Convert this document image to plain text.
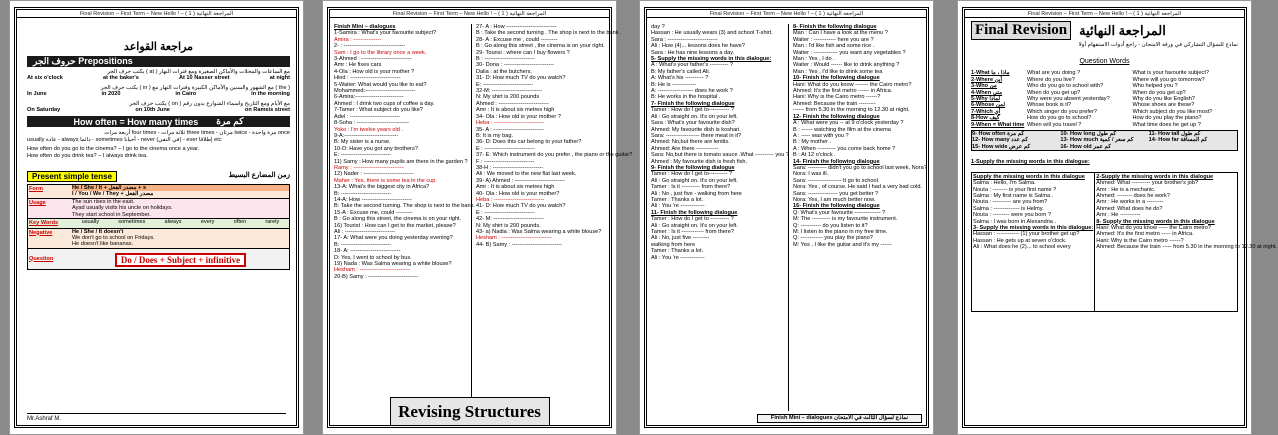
Final Revision – First Term – New Hello ! – ( 1 ) المراجعة النهائية
مراجعة القواعد
حروف الجر Prepositions
يكتب حرف الجر ( at ) مع الساعات والمحلات والأماكن الصغيرة ومع فترات النهار
At six o'clock	at the baker's	At 10 Nasser street	at night
يكتب حرف الجر ( in ) مع الشهور والسنين والأماكن الكبيرة وفترات النهار مع ( the )
In June	in 2020	in Cairo	in the morning
يكتب حرف الجر ( on ) مع الأيام ومع التاريخ واسماء الشوارع بدون رقم
On Saturday	on 10th June	on Ramsis street
How often = How many times كم مرة
أربعة مرات four times - ثلاثة مرات three times - مرتان twice - مرة واحدة once
usually عادة - always دائما - sometimes أحيانا - never (في النفي) - ever إطلاقا etc
How often do you go to the cinema? – I go to the cinema once a year.
How often do you drink tea? – I always drink tea.
Present simple tense	زمن المضارع البسيط
Form	He / She / It + مصدر الفعل + s
I / You / We / They + مصدر الفعل
Usage	The sun rises in the east.
Ayad usually visits his uncle on holidays.
They start school in September.
Key Words	usually	sometimes	always	every	often	rarely
Negative	He / She / It doesn't
We don't go to school on Fridays.
He doesn't like bananas.
Question	Do / Does + Subject + infinitive
Mr.Ashraf M.
Final Revision – First Term – New Hello ! – ( 1 ) المراجعة النهائية
Finish Mini – dialogues
1-Samira : What's your favourite subject?
Amira : ---------------
2- : ---------------------------------
Sam : I go to the library once a week.
3-Ahmed : ---------------------------
Amr : He fixes cars
4-Ola : How old is your mother ?
Hind : ---------------------------
5-Waiter: What would you like to eat?
Mohammed:---------------------------
6-Amira:--------------------------
Ahmed : I drink two cups of coffee a day.
7-Tamer : What subject do you like?
Adel : ---------------------------
8-Soha : ----------------------------
Yoko : I'm twelve years old .
9-A:-----------------------------
B: My sister is a nurse.
10-D: Have you got any brothers?
E: ---------------------------
11) Samy : How many pupils are there in the garden ?
Ramy : ---------------------------
12) Nader : ---------------------------
Maher : Yes, there is some tea in the cup.
13-A: What's the biggest city in Africa?
B: ---------------------------
14-A: How ---------------------------
B: Take the second turning. The shop is next to the bank.
15-A : Excuse me, could ---------
B : Go along this street, the cinema is on your right.
16) Tourist : How can I get to the market, please?
Ali : ---------------------------
17- A: What were you doing yesterday evening?
B: ---------------------------
18- A: ---------------------------
D: Yes, I went to school by bus.
19) Nada : Was Salma wearing a white blouse?
Hesham : ---------------------------
20-B) Samy : ---------------------------
27- A : How ---------------------------
B : Take the second turning . The shop is next to the bank .
28- A : Excuse me , could ---------
B : Go along this street , the cinema is on your right.
29- Tounsi : where can I buy flowers ?
B : ---------------------------
30- Dona : ---------------------------
Dalia : at the butchers.
31- D: How much TV do you watch?
E: ---------------------------
32-M: ---------------------------
N: My shirt is 200 pounds
Ahmed : ---------------------------
Amr : It is about six metres high
34- Ola : How old is your mother ?
Heba : ---------------------------
35- A : ---------------------------
B: It is my bag.
36- D: Does this car belong to your father?
E : ---------------------------
37- E: Which instrument do you prefer , the piano or the guitar?
F : ---------------------------
38-H : ---------------------------
Ali : We moved to the new flat last week.
39- A) Ahmed : ---------------------------
Amr : It is about six metres high
40- Ola : How old is your mother?
Heba : ---------------------------
41- D: How much TV do you watch?
E : ---------------------------
42- M: ---------------------------
N: My shirt is 200 pounds.
43- a) Nadia : Was Salma wearing a white blouse?
Hesham : ---------------------------
44- B) Samy : ---------------------------
Revising Structures
Final Revision – First Term – New Hello ! – ( 1 ) المراجعة النهائية
day ?
Hassan : He usually wears (3) and school T-shirt.
Sara : ---------------------------
Ali : How (4)... lessons does he have?
Sara : He has nine lessons a day.
5- Supply the missing words in this dialogue:
A : What's your father's ---------- ?
B: My father's called Ali.
A: What's his ---------- ?
B: He is -------------
A: ------------------- does he work ?
B: He works in the hospital .
7- Finish the following dialogue
Tamer : How do I get to----------- ?
Ali : Go straight on. It's on your left.
Sara : What's your favourite dish?
Ahmed: My favourite dish is koshari.
Sara: ------------------ there meat in it?
Ahmed: No,but there are lentils.
Ahmed: Are there ------------
Sara: No,but there is tomato sauce .What ---------- you ?
Ahmed : My favourite dish is fresh fish.
9- Finish the following dialogue
Tamer : How do I get to---------- ?
Ali : Go straight on. It's on your left.
Tamer : Is it ---------- from there?
Ali : No , just five - walking from here
Tamer : Thanks a lot.
Ali : You 're -------------
11- Finish the following dialogue
Tamer : How do I get to ---------- ?
Ali : Go straight on. It's on your left.
Tamer : Is it ------------ from there?
Ali : No, just five ---------
walking from here
Tamer : Thanks a lot.
Ali : You 're -------------
8- Finish the following dialogue
Man : Can I have a look at the menu ?
Waiter : ------------ here you are ?
Man : I'd like fish and some rice .
Waiter : ------------- you want any vegetables ?
Man : Yes , I do .
Waiter : Would ------ like to drink anything ?
Man : Yes , I'd like to drink some tea
10- Finish the following dialogue
Hani: What do you know ------- the Cairo metro?
Ahmed: It's the first metro ------ in Africa.
Hani: Why is the Cairo metro ------?
Ahmed: Because the train ---------
------ from 5.30 in the morning to 12.30 at night.
12- Finish the following dialogue
A : What were you -- at 9 o'clock yesterday ?
B : ------ watching the film at the cinema
A : ----- was with you ?
B : My mother .
A : When ---------- you come back home ?
B : At 12 o'clock .
14- Finish the following dialogue
Sara: ---------- didn't you go to school last week, Nora?
Nora: I was ill.
Sara: ------------------ It go to school.
Nora: Yes , of course. He said I had a very bad cold.
Sara: ---------------- you get better ?
Nora: Yes, I am much better now.
16- Finish the following dialogue
Q: What's your favourite -------------- ?
M: The ---------- is my favourite instrument.
Q: ----------- do you listen to it?
M: I listen to the piano in my free time.
Q: ------------ you play the piano?
M: Yes , I like the guitar and it's my ------
Finish Mini – dialogues نماذج لسؤال الثالث في الامتحان
Final Revision – First Term – New Hello ! – ( 1 ) المراجعة النهائية
Final Revision المراجعة النهائية
نماذج للسؤال التشاركي في ورقة الامتحان - راجع أدوات الاستفهام أولا
Question Words
1-What ماذا ، ما	What are you doing ?	What is your favourite subject?
2-Where أين	Where do you live?	Where will you go tomorrow?
3-Who من	Who do you go to school with?	Who helped you ?
4-When متى	When do you get up?	When do you get up?
5-Why لماذا	Why were you absent yesterday?	Why do you like English?
6-Whose لمن	Whose book is it?	Whose shoes are these?
7-Which أي	Which singer do you prefer?	Which subject do you like most?
8-How كيف	How do you go to school?	How do you play the piano?
9-When = What time When will you travel ?	What time does he get up ?
9- How often كم مرة	10- How long كم طول	11- How tall كم طول
12- How many كم عدد	13- How much كم سعر / كمية	14- How far كم المسافة
15- How wide كم عرض	16- How old كم عمر
1-Supply the missing words in this dialogue:
Supply the missing words in this dialogue
Salma : Hello, I'm Salma.
Nouta : -------- is your first name ?
Salma : My first name is Salma .
Nouta : ---------- are you from?
Salma : -------------- is Helmy.
Nouta : --------- were you born ?
Salma : I was born in Alexandria .
3- Supply the missing words in this dialogue:
Hassan : ------------ (1) your brother get up?
Hassan : He gets up at seven o'clock.
Ali : What does he (2)... to school every
2-Supply the missing words in this dialogue
Ahmed: What ---------- your brother's job?
Amr : He is a mechanic.
Ahmed: -------- does he work?
Amr : He works in a ---------
Ahmed: What does he do?
Amr : He -----------
8- Supply the missing words in this dialogue
Hani: What do you know ----- the Cairo metro?
Ahmed: It's the first metro ----- in Africa.
Hani: Why is the Cairo metro ------?
Ahmed: Because the train ----- from 5.30 in the morning to 12.30 at night.
